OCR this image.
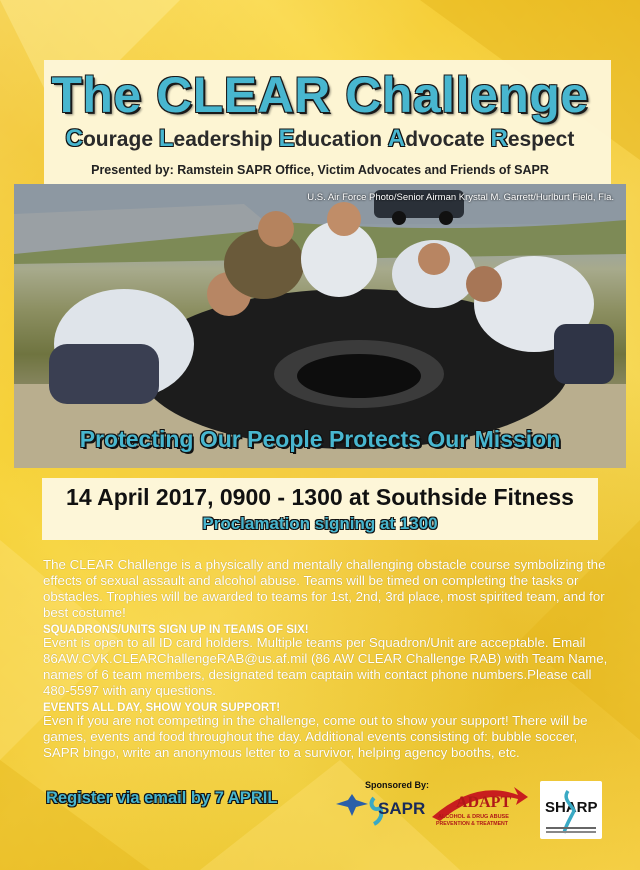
The CLEAR Challenge
Courage Leadership Education Advocate Respect
Presented by: Ramstein SAPR Office, Victim Advocates and Friends of SAPR
U.S. Air Force Photo/Senior Airman Krystal M. Garrett/Hurlburt Field, Fla.
Protecting Our People Protects Our Mission
14 April 2017, 0900 - 1300 at Southside Fitness
Proclamation signing at 1300
The CLEAR Challenge is a physically and mentally challenging obstacle course symbolizing the effects of sexual assault and alcohol abuse. Teams will be timed on completing the tasks or obstacles. Trophies will be awarded to teams for 1st, 2nd, 3rd place, most spirited team, and for best costume!
SQUADRONS/UNITS SIGN UP IN TEAMS OF SIX!
Event is open to all ID card holders. Multiple teams per Squadron/Unit are acceptable. Email 86AW.CVK.CLEARChallengeRAB@us.af.mil (86 AW CLEAR Challenge RAB) with Team Name, names of 6 team members, designated team captain with contact phone numbers.Please call 480-5597 with any questions.
EVENTS ALL DAY, SHOW YOUR SUPPORT!
Even if you are not competing in the challenge, come out to show your support! There will be games, events and food throughout the day. Additional events consisting of: bubble soccer, SAPR bingo, write an anonymous letter to a survivor, helping agency booths, etc.
Register via email by 7 APRIL
Sponsored By:
SAPR ADAPT
ALCOHOL & DRUG ABUSE
PREVENTION & TREATMENT
SHARP
